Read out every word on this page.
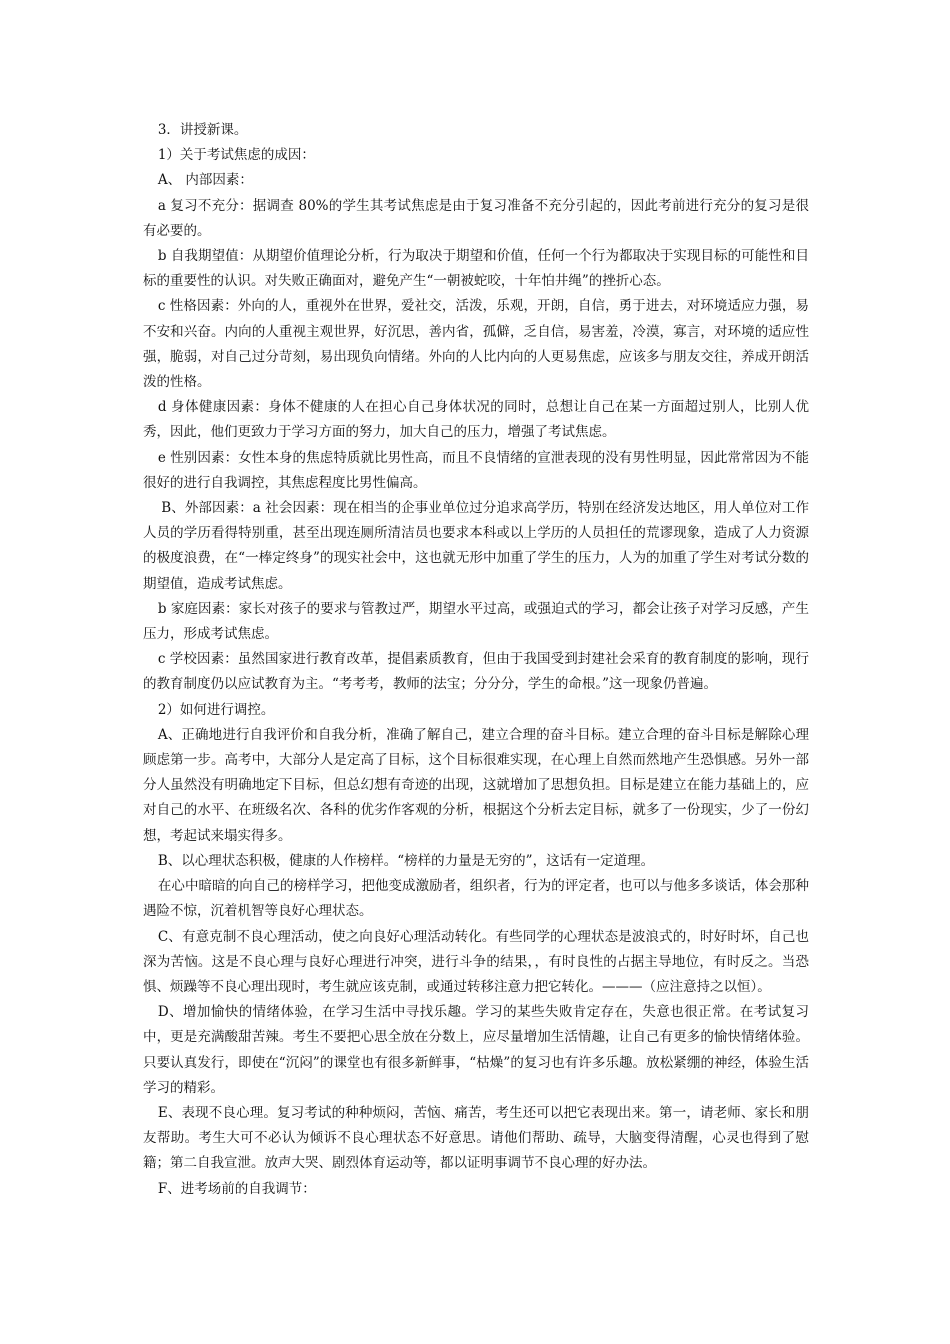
3．讲授新课。

1）关于考试焦虑的成因：

A、 内部因素：

a 复习不充分：据调查 80%的学生其考试焦虑是由于复习准备不充分引起的，因此考前进行充分的复习是很有必要的。

b 自我期望值：从期望价值理论分析，行为取决于期望和价值，任何一个行为都取决于实现目标的可能性和目标的重要性的认识。对失败正确面对，避免产生“一朝被蛇咬，十年怕井绳”的挫折心态。

c 性格因素：外向的人，重视外在世界，爱社交，活泼，乐观，开朗，自信，勇于进去，对环境适应力强，易不安和兴奋。内向的人重视主观世界，好沉思，善内省，孤僻，乏自信，易害羞，冷漠，寡言，对环境的适应性强，脆弱，对自己过分苛刻，易出现负向情绪。外向的人比内向的人更易焦虑，应该多与朋友交往，养成开朗活泼的性格。

d 身体健康因素：身体不健康的人在担心自己身体状况的同时，总想让自己在某一方面超过别人，比别人优秀，因此，他们更致力于学习方面的努力，加大自己的压力，增强了考试焦虑。

e 性别因素：女性本身的焦虑特质就比男性高，而且不良情绪的宣泄表现的没有男性明显，因此常常因为不能很好的进行自我调控，其焦虑程度比男性偏高。

B、外部因素：a 社会因素：现在相当的企事业单位过分追求高学历，特别在经济发达地区，用人单位对工作人员的学历看得特别重，甚至出现连厕所清洁员也要求本科或以上学历的人员担任的荒谬现象，造成了人力资源的极度浪费，在“一棒定终身”的现实社会中，这也就无形中加重了学生的压力，人为的加重了学生对考试分数的期望值，造成考试焦虑。

b 家庭因素：家长对孩子的要求与管教过严，期望水平过高，或强迫式的学习，都会让孩子对学习反感，产生压力，形成考试焦虑。

c 学校因素：虽然国家进行教育改革，提倡素质教育，但由于我国受到封建社会采育的教育制度的影响，现行的教育制度仍以应试教育为主。“考考考，教师的法宝；分分分，学生的命根。”这一现象仍普遍。

2）如何进行调控。

A、正确地进行自我评价和自我分析，准确了解自己，建立合理的奋斗目标。建立合理的奋斗目标是解除心理顾虑第一步。高考中，大部分人是定高了目标，这个目标很难实现，在心理上自然而然地产生恐惧感。另外一部分人虽然没有明确地定下目标，但总幻想有奇迹的出现，这就增加了思想负担。目标是建立在能力基础上的，应对自己的水平、在班级名次、各科的优劣作客观的分析，根据这个分析去定目标，就多了一份现实，少了一份幻想，考起试来塌实得多。

B、以心理状态积极，健康的人作榜样。“榜样的力量是无穷的”，这话有一定道理。

在心中暗暗的向自己的榜样学习，把他变成激励者，组织者，行为的评定者，也可以与他多多谈话，体会那种遇险不惊，沉着机智等良好心理状态。

C、有意克制不良心理活动，使之向良好心理活动转化。有些同学的心理状态是波浪式的，时好时坏，自己也深为苦恼。这是不良心理与良好心理进行冲突，进行斗争的结果，，有时良性的占据主导地位，有时反之。当恐惧、烦躁等不良心理出现时，考生就应该克制，或通过转移注意力把它转化。———（应注意持之以恒）。

D、增加愉快的情绪体验，在学习生活中寻找乐趣。学习的某些失败肯定存在，失意也很正常。在考试复习中，更是充满酸甜苦辣。考生不要把心思全放在分数上，应尽量增加生活情趣，让自己有更多的愉快情绪体验。只要认真发行，即使在“沉闷”的课堂也有很多新鲜事，“枯燥”的复习也有许多乐趣。放松紧绷的神经，体验生活学习的精彩。

E、表现不良心理。复习考试的种种烦闷，苦恼、痛苦，考生还可以把它表现出来。第一，请老师、家长和朋友帮助。考生大可不必认为倾诉不良心理状态不好意思。请他们帮助、疏导，大脑变得清醒，心灵也得到了慰籍；第二自我宣泄。放声大哭、剧烈体育运动等，都以证明事调节不良心理的好办法。

F、进考场前的自我调节：
